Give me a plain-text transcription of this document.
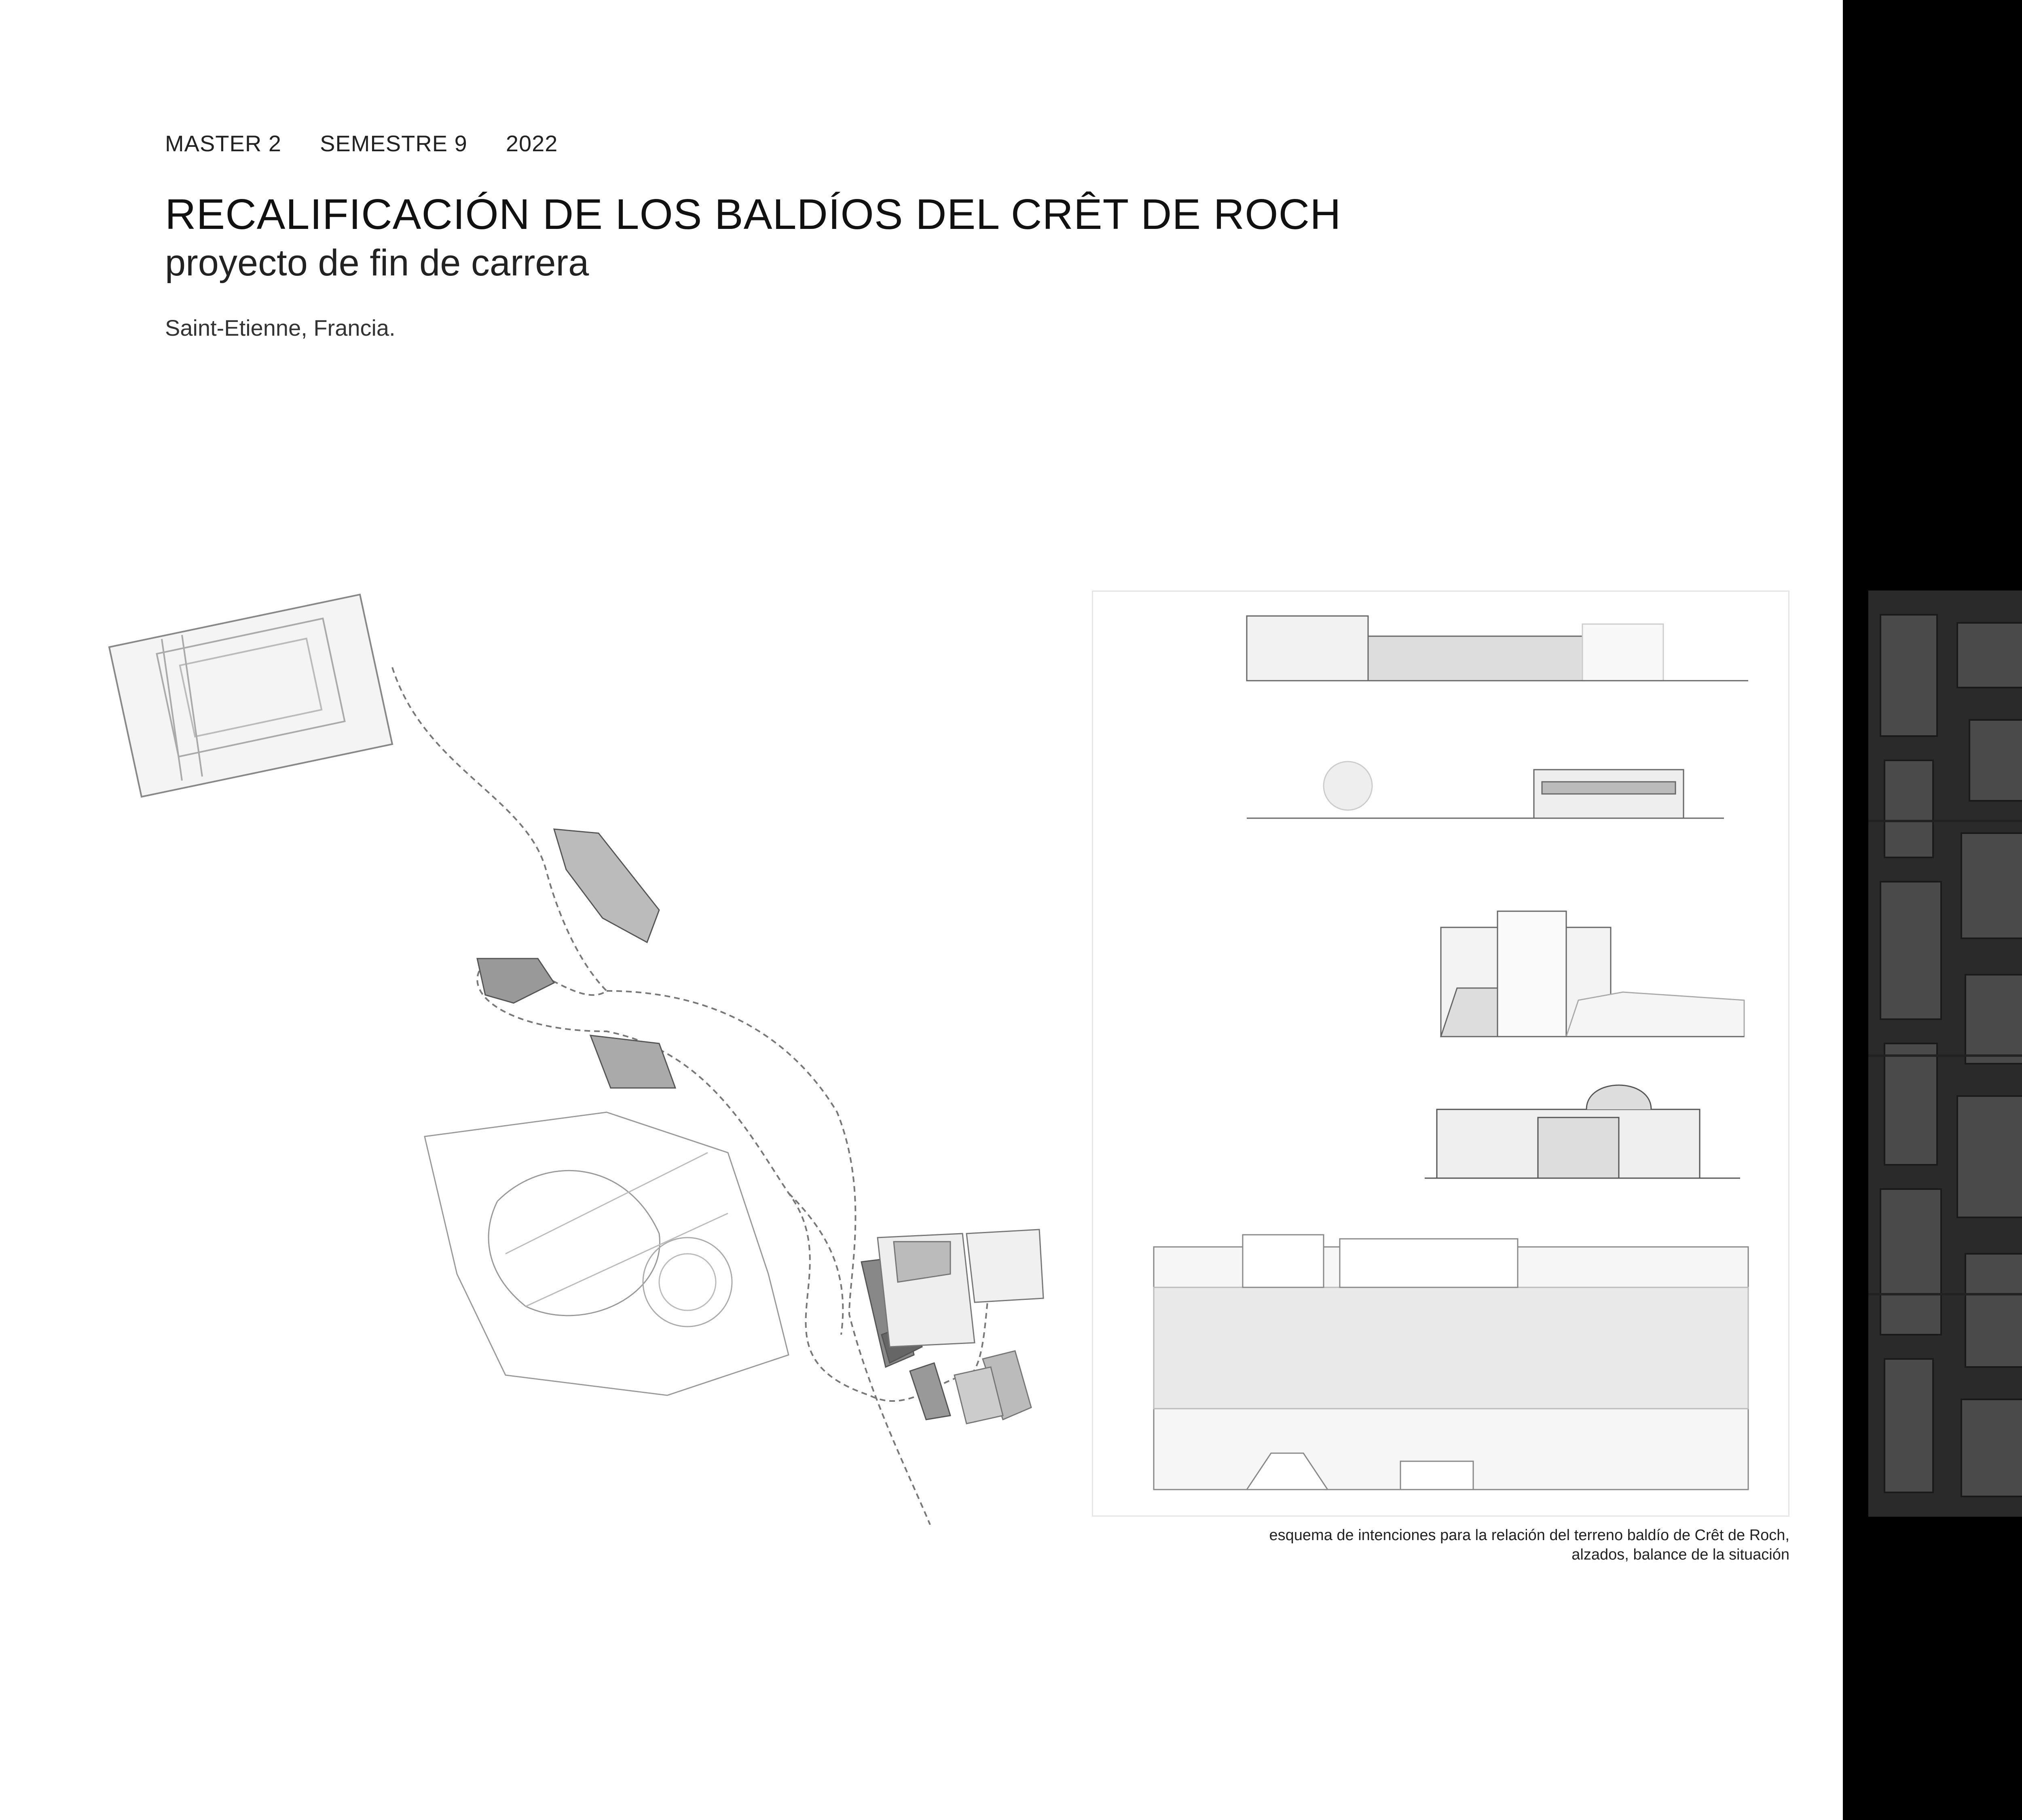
MASTER 2 SEMESTRE 9 2022
RECALIFICACIÓN DE LOS BALDÍOS DEL CRÊT DE ROCH
proyecto de fin de carrera
Saint-Etienne, Francia.
esquema de intenciones para la relación del terreno baldío de Crêt de Roch,
alzados, balance de la situación
